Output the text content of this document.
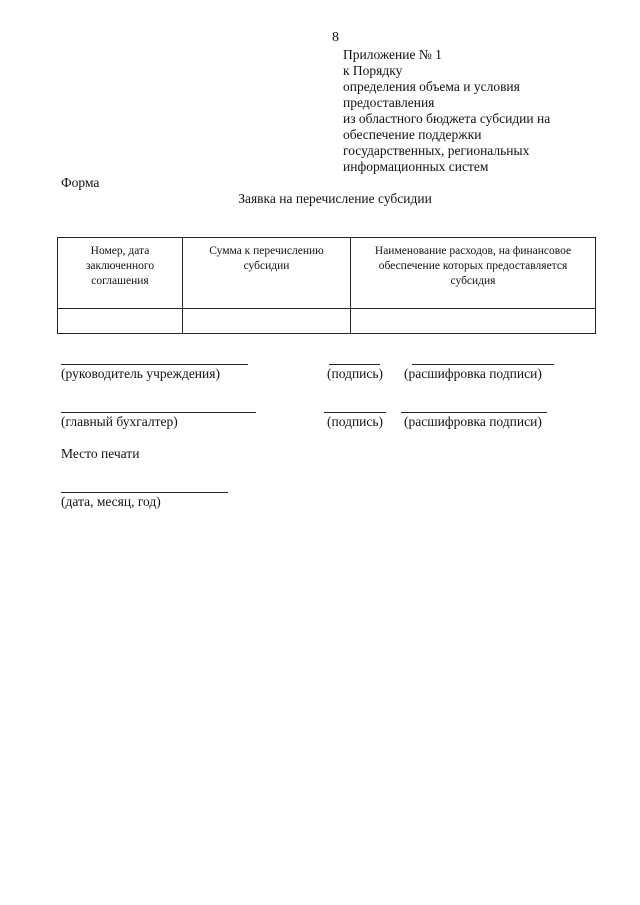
8
Приложение № 1
к Порядку
определения объема и условия
предоставления
из областного бюджета субсидии на
обеспечение поддержки
государственных, региональных
информационных систем
Форма
Заявка на перечисление субсидии
Номер, дата заключенного соглашения	Сумма к перечислению субсидии	Наименование расходов, на финансовое обеспечение которых предоставляется субсидия

(руководитель учреждения)	(подпись) (расшифровка подписи)
(главный бухгалтер)	(подпись) (расшифровка подписи)
Место печати
(дата, месяц, год)
